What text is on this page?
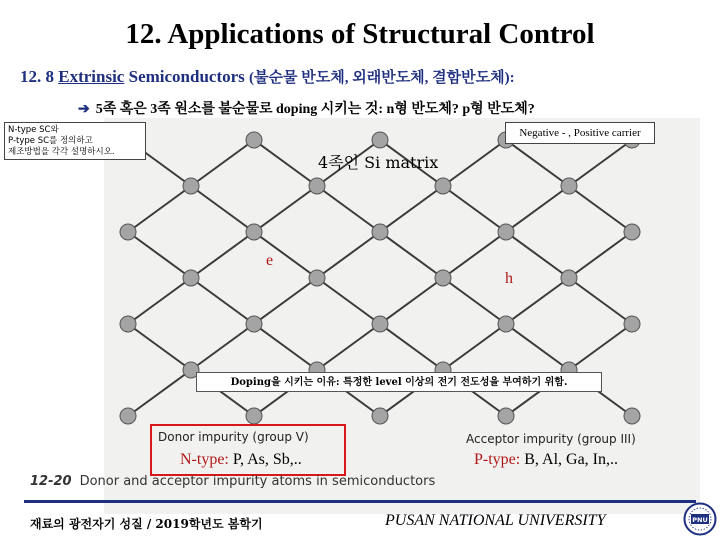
12. Applications of Structural Control
12. 8 Extrinsic Semiconductors (불순물 반도체, 외래반도체, 결함반도체):
➔ 5족 혹은 3족 원소를 불순물로 doping 시키는 것: n형 반도체? p형 반도체?
N-type SC와
P-type SC를 정의하고
제조방법을 각각 설명하시오.
Negative - , Positive carrier
4족인 Si matrix
e
h
Doping을 시키는 이유: 특정한 level 이상의 전기 전도성을 부여하기 위함.
Donor impurity (group V)	Acceptor impurity (group III)
N-type: P, As, Sb,..	P-type: B, Al, Ga, In,..
12-20 Donor and acceptor impurity atoms in semiconductors
재료의 광전자기 성질 / 2019학년도 봄학기	PUSAN NATIONAL UNIVERSITY	PNU
